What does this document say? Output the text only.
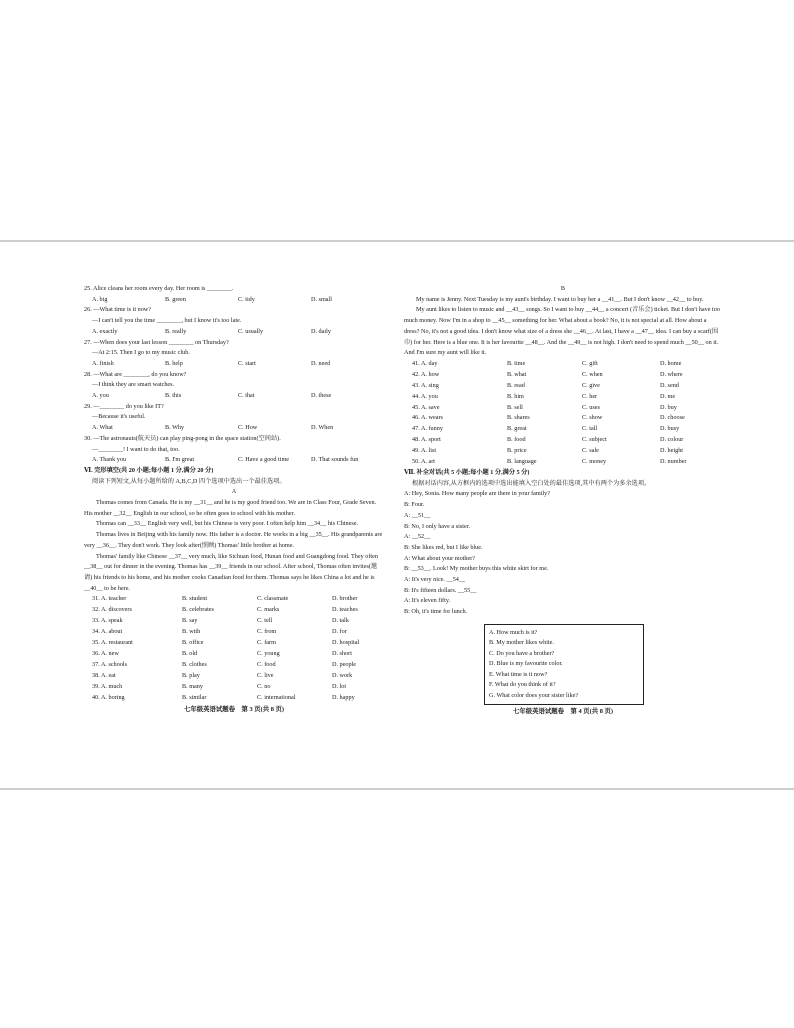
25. Alice cleans her room every day. Her room is ________.
A. big	B. green	C. tidy	D. small
26. —What time is it now?
—I can't tell you the time ________, but I know it's too late.
A. exactly	B. really	C. usually	D. daily
27. —When does your last lesson ________ on Thursday?
—At 2:15. Then I go to my music club.
A. finish	B. help	C. start	D. need
28. —What are ________, do you know?
—I think they are smart watches.
A. you	B. this	C. that	D. these
29. —________ do you like IT?
—Because it's useful.
A. What	B. Why	C. How	D. When
30. —The astronauts(航天员) can play ping-pong in the space station(空间站).
—________! I want to do that, too.
A. Thank you	B. I'm great	C. Have a good time	D. That sounds fun
Ⅵ. 完形填空(共 20 小题;每小题 1 分,满分 20 分)
阅读下列短文,从每小题所给的 A,B,C,D 四个选项中选出一个最佳选项。
A
Thomas comes from Canada. He is my __31__ and he is my good friend too. We are in Class Four, Grade Seven. His mother __32__ English in our school, so he often goes to school with his mother.
Thomas can __33__ English very well, but his Chinese is very poor. I often help him __34__ his Chinese.
Thomas lives in Beijing with his family now. His father is a doctor. He works in a big __35__. His grandparents are very __36__. They don't work. They look after(照顾) Thomas' little brother at home.
Thomas' family like Chinese __37__ very much, like Sichuan food, Hunan food and Guangdong food. They often __38__ out for dinner in the evening. Thomas has __39__ friends in our school. After school, Thomas often invites(邀请) his friends to his home, and his mother cooks Canadian food for them. Thomas says he likes China a lot and he is __40__ to be here.
31. A. teacher	B. student	C. classmate	D. brother
32. A. discovers	B. celebrates	C. marks	D. teaches
33. A. speak	B. say	C. tell	D. talk
34. A. about	B. with	C. from	D. for
35. A. restaurant	B. office	C. farm	D. hospital
36. A. new	B. old	C. young	D. short
37. A. schools	B. clothes	C. food	D. people
38. A. eat	B. play	C. live	D. work
39. A. much	B. many	C. no	D. lot
40. A. boring	B. similar	C. international	D. happy
七年级英语试题卷　第 3 页(共 8 页)
B
My name is Jenny. Next Tuesday is my aunt's birthday. I want to buy her a __41__. But I don't know __42__ to buy.
My aunt likes to listen to music and __43__ songs. So I want to buy __44__ a concert (音乐会) ticket. But I don't have too much money. Now I'm in a shop to __45__ something for her. What about a book? No, it is not special at all. How about a dress? No, it's not a good idea. I don't know what size of a dress she __46__. At last, I have a __47__ idea. I can buy a scarf(围巾) for her. Here is a blue one. It is her favourite __48__. And the __49__ is not high. I don't need to spend much __50__ on it. And I'm sure my aunt will like it.
41. A. day	B. time	C. gift	D. home
42. A. how	B. what	C. when	D. where
43. A. sing	B. read	C. give	D. send
44. A. you	B. him	C. her	D. me
45. A. save	B. sell	C. uses	D. buy
46. A. wears	B. shares	C. show	D. choose
47. A. funny	B. great	C. tall	D. busy
48. A. sport	B. food	C. subject	D. colour
49. A. list	B. price	C. sale	D. height
50. A. art	B. language	C. money	D. number
Ⅶ. 补全对话(共 5 小题;每小题 1 分,满分 5 分)
根据对话内容,从方框内的选项中选出能填入空白处的最佳选项,其中有两个为多余选项。
A: Hey, Sonia. How many people are there in your family?
B: Four.
A: __51__
B: No, I only have a sister.
A: __52__
B: She likes red, but I like blue.
A: What about your mother?
B: __53__. Look! My mother buys this white skirt for me.
A: It's very nice. __54__
B: It's fifteen dollars. __55__
A: It's eleven fifty.
B: Oh, it's time for lunch.
A. How much is it?
B. My mother likes white.
C. Do you have a brother?
D. Blue is my favourite color.
E. What time is it now?
F. What do you think of it?
G. What color does your sister like?
七年级英语试题卷　第 4 页(共 8 页)
